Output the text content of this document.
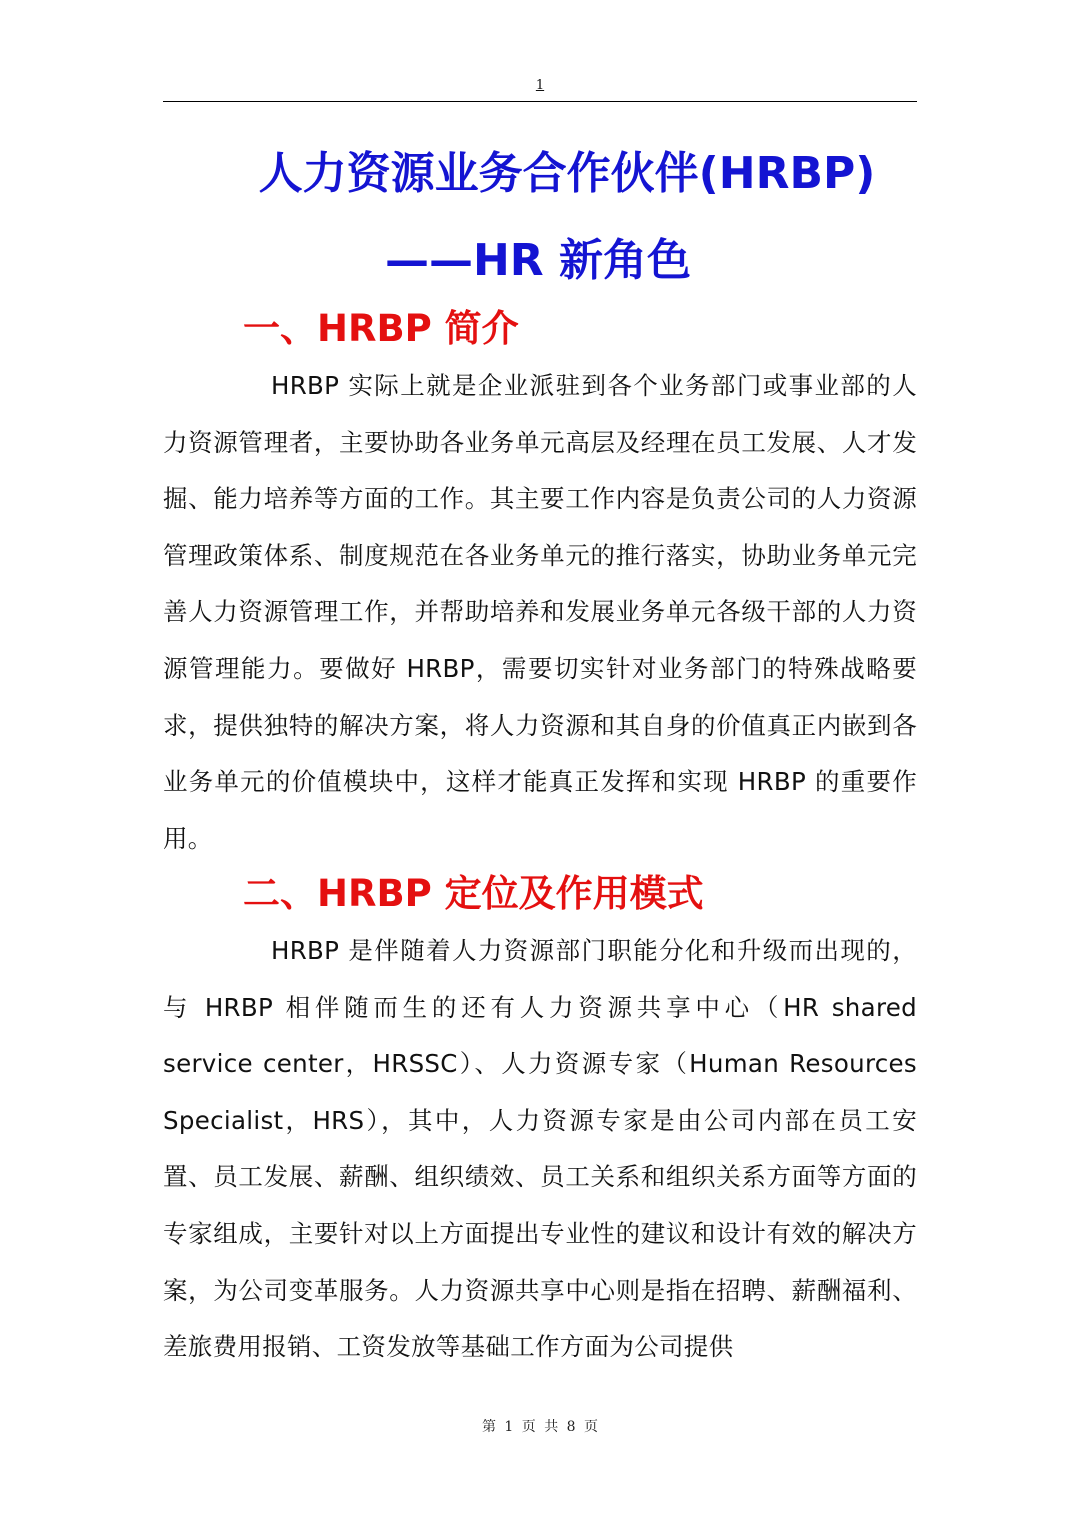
1
人力资源业务合作伙伴(HRBP)
——HR 新角色
一、HRBP 简介

HRBP 实际上就是企业派驻到各个业务部门或事业部的人力资源管理者，主要协助各业务单元高层及经理在员工发展、人才发掘、能力培养等方面的工作。其主要工作内容是负责公司的人力资源管理政策体系、制度规范在各业务单元的推行落实，协助业务单元完善人力资源管理工作，并帮助培养和发展业务单元各级干部的人力资源管理能力。要做好 HRBP，需要切实针对业务部门的特殊战略要求，提供独特的解决方案，将人力资源和其自身的价值真正内嵌到各业务单元的价值模块中，这样才能真正发挥和实现 HRBP 的重要作用。

二、HRBP 定位及作用模式

HRBP 是伴随着人力资源部门职能分化和升级而出现的，与 HRBP 相伴随而生的还有人力资源共享中心（HR shared service center，HRSSC）、人力资源专家（Human Resources Specialist，HRS），其中，人力资源专家是由公司内部在员工安置、员工发展、薪酬、组织绩效、员工关系和组织关系方面等方面的专家组成，主要针对以上方面提出专业性的建议和设计有效的解决方案，为公司变革服务。人力资源共享中心则是指在招聘、薪酬福利、差旅费用报销、工资发放等基础工作方面为公司提供

第 1 页 共 8 页
